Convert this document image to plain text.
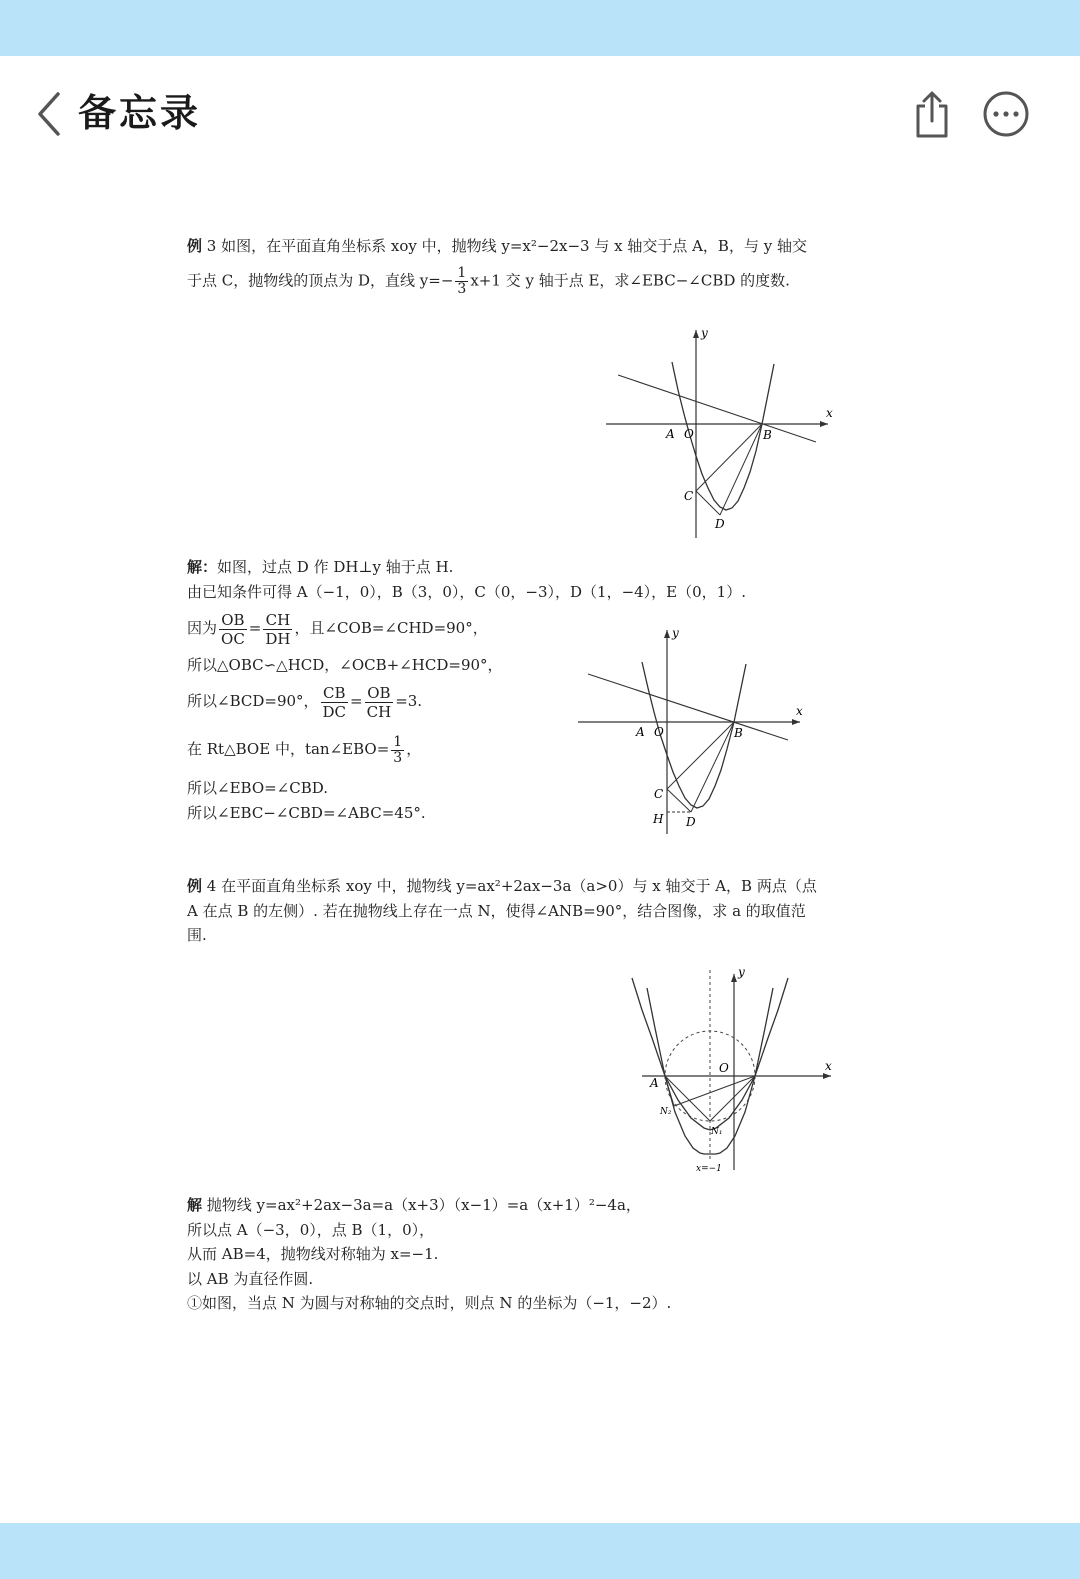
备忘录
例 3 如图，在平面直角坐标系 xoy 中，抛物线 y=x²−2x−3 与 x 轴交于点 A，B，与 y 轴交
于点 C，抛物线的顶点为 D，直线 $y=- \frac{1}{3} x+1$ 交 y 轴于点 E，求∠EBC−∠CBD 的度数.
解：如图，过点 D 作 DH⊥y 轴于点 H.
由已知条件可得 A（−1，0），B（3，0），C（0，−3），D（1，−4），E（0，1）.
因为 $\frac{OB}{OC} = \frac{CH}{DH}$ ，且∠COB=∠CHD=90°，
所以△OBC∽△HCD，∠OCB+∠HCD=90°，
所以∠BCD=90°， $\frac{CB}{DC} = \frac{OB}{CH} =3$.
在 Rt△BOE 中，tan∠EBO= $\frac{1}{3}$ ，
所以∠EBO=∠CBD.
所以∠EBC−∠CBD=∠ABC=45°.
例 4 在平面直角坐标系 xoy 中，抛物线 y=ax²+2ax−3a（a>0）与 x 轴交于 A，B 两点（点
A 在点 B 的左侧）. 若在抛物线上存在一点 N，使得∠ANB=90°，结合图像，求 a 的取值范
围.
解 抛物线 y=ax²+2ax−3a=a（x+3）（x−1）=a（x+1）²−4a，
所以点 A（−3，0），点 B（1，0），
从而 AB=4，抛物线对称轴为 x=−1.
以 AB 为直径作圆.
①如图，当点 N 为圆与对称轴的交点时，则点 N 的坐标为（−1，−2）.
x
y
A O	B
C
D
x
y
A O	B
C
H D
x
y
A
O
N₂
N₁
x=−1
